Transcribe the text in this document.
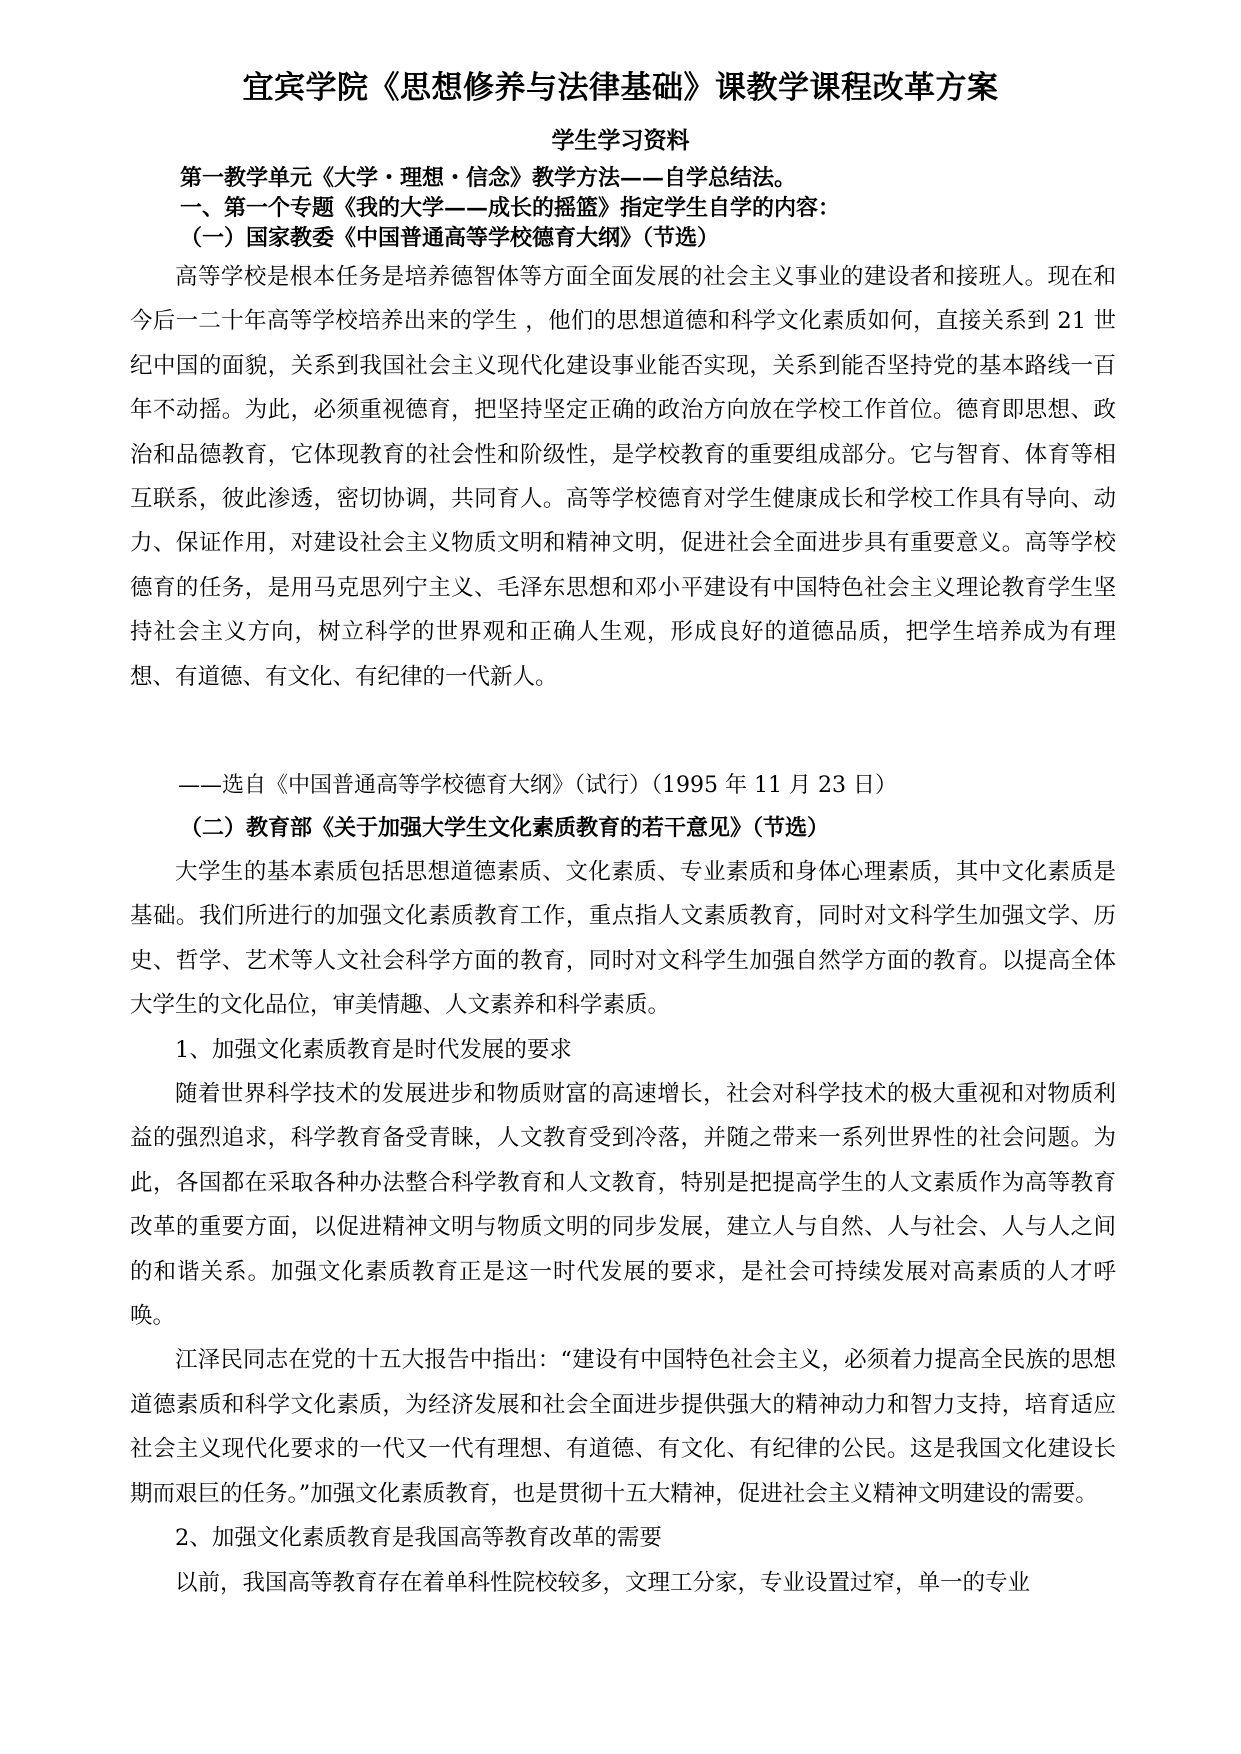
宜宾学院《思想修养与法律基础》课教学课程改革方案
学生学习资料
第一教学单元《大学・理想・信念》教学方法——自学总结法。
一、第一个专题《我的大学——成长的摇篮》指定学生自学的内容：
（一）国家教委《中国普通高等学校德育大纲》（节选）

高等学校是根本任务是培养德智体等方面全面发展的社会主义事业的建设者和接班人。现在和今后一二十年高等学校培养出来的学生 ，他们的思想道德和科学文化素质如何，直接关系到 21 世纪中国的面貌，关系到我国社会主义现代化建设事业能否实现，关系到能否坚持党的基本路线一百年不动摇。为此，必须重视德育，把坚持坚定正确的政治方向放在学校工作首位。德育即思想、政治和品德教育，它体现教育的社会性和阶级性，是学校教育的重要组成部分。它与智育、体育等相互联系，彼此渗透，密切协调，共同育人。高等学校德育对学生健康成长和学校工作具有导向、动力、保证作用，对建设社会主义物质文明和精神文明，促进社会全面进步具有重要意义。高等学校德育的任务，是用马克思列宁主义、毛泽东思想和邓小平建设有中国特色社会主义理论教育学生坚持社会主义方向，树立科学的世界观和正确人生观，形成良好的道德品质，把学生培养成为有理想、有道德、有文化、有纪律的一代新人。

——选自《中国普通高等学校德育大纲》（试行）（1995 年 11 月 23 日）
（二）教育部《关于加强大学生文化素质教育的若干意见》（节选）

大学生的基本素质包括思想道德素质、文化素质、专业素质和身体心理素质，其中文化素质是基础。我们所进行的加强文化素质教育工作，重点指人文素质教育，同时对文科学生加强文学、历史、哲学、艺术等人文社会科学方面的教育，同时对文科学生加强自然学方面的教育。以提高全体大学生的文化品位，审美情趣、人文素养和科学素质。

1、加强文化素质教育是时代发展的要求

随着世界科学技术的发展进步和物质财富的高速增长，社会对科学技术的极大重视和对物质利益的强烈追求，科学教育备受青睐，人文教育受到冷落，并随之带来一系列世界性的社会问题。为此，各国都在采取各种办法整合科学教育和人文教育，特别是把提高学生的人文素质作为高等教育改革的重要方面，以促进精神文明与物质文明的同步发展，建立人与自然、人与社会、人与人之间的和谐关系。加强文化素质教育正是这一时代发展的要求，是社会可持续发展对高素质的人才呼唤。

江泽民同志在党的十五大报告中指出：“建设有中国特色社会主义，必须着力提高全民族的思想道德素质和科学文化素质，为经济发展和社会全面进步提供强大的精神动力和智力支持，培育适应社会主义现代化要求的一代又一代有理想、有道德、有文化、有纪律的公民。这是我国文化建设长期而艰巨的任务。”加强文化素质教育，也是贯彻十五大精神，促进社会主义精神文明建设的需要。

2、加强文化素质教育是我国高等教育改革的需要

以前，我国高等教育存在着单科性院校较多，文理工分家，专业设置过窄，单一的专业
